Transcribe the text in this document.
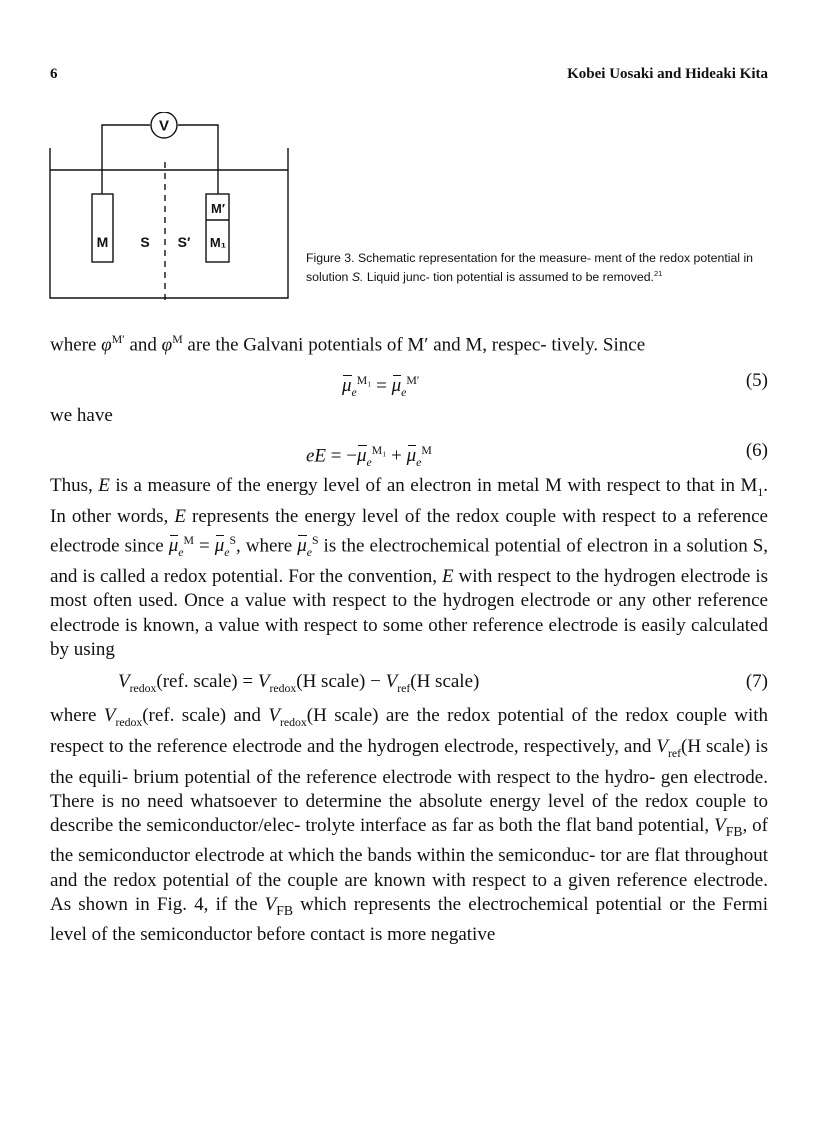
6	Kobei Uosaki and Hideaki Kita
V
M S S′
M′
M₁
Figure 3. Schematic representation for the measure- ment of the redox potential in solution S. Liquid junc- tion potential is assumed to be removed.$^{21}$

where $\varphi^{M'}$ and $\varphi^M$ are the Galvani potentials of M′ and M, respec- tively. Since

$\mu_e^{M_1} = \mu_e^{M'}$	(5)

we have

eE = $-\mu_e^{M_1} + \mu_e^M$	(6)

Thus, E is a measure of the energy level of an electron in metal M with respect to that in $M_1$. In other words, E represents the energy level of the redox couple with respect to a reference electrode since $\mu_e^M = \mu_e^S$, where $\mu_e^S$ is the electrochemical potential of electron in a solution S, and is called a redox potential. For the convention, E with respect to the hydrogen electrode is most often used. Once a value with respect to the hydrogen electrode or any other reference electrode is known, a value with respect to some other reference electrode is easily calculated by using

$V_{redox}(ref$. scale) = $V_{redox}(H$ scale) − $V_{ref}(H$ scale)	(7)

where $V_{redox}(ref$. scale) and $V_{redox}(H$ scale) are the redox potential of the redox couple with respect to the reference electrode and the hydrogen electrode, respectively, and $V_{ref}(H$ scale) is the equili- brium potential of the reference electrode with respect to the hydro- gen electrode. There is no need whatsoever to determine the absolute energy level of the redox couple to describe the semiconductor/elec- trolyte interface as far as both the flat band potential, $V_{FB}$, of the semiconductor electrode at which the bands within the semiconduc- tor are flat throughout and the redox potential of the couple are known with respect to a given reference electrode. As shown in Fig. 4, if the $V_{FB}$ which represents the electrochemical potential or the Fermi level of the semiconductor before contact is more negative
